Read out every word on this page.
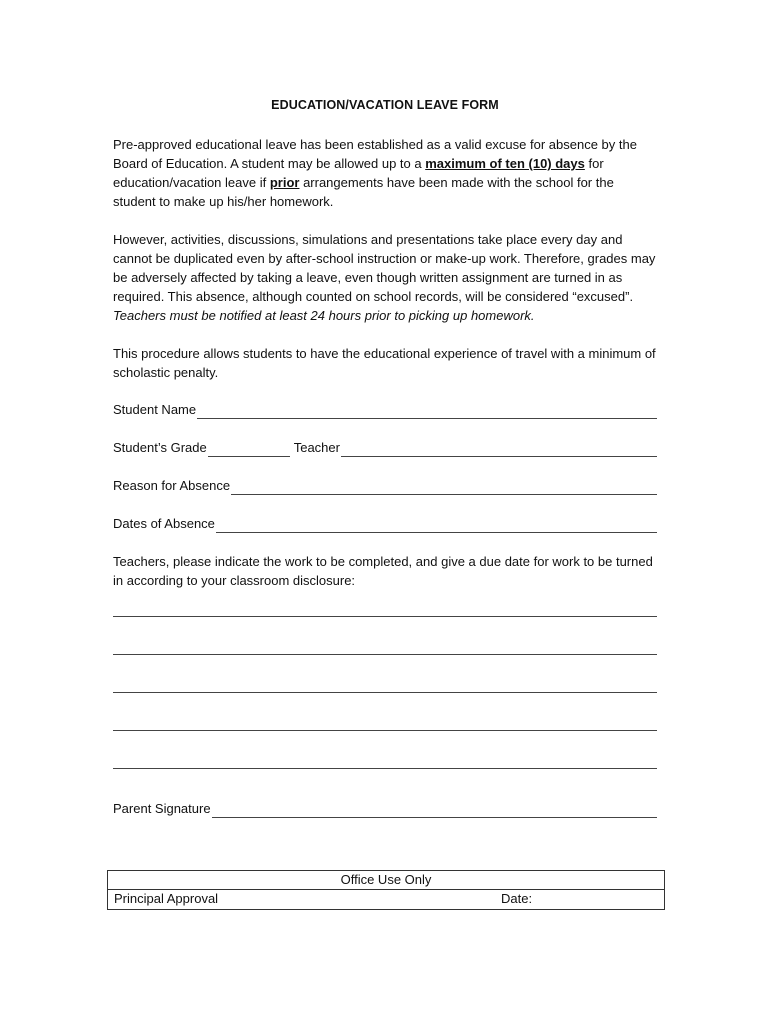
EDUCATION/VACATION LEAVE FORM

Pre-approved educational leave has been established as a valid excuse for absence by the Board of Education. A student may be allowed up to a maximum of ten (10) days for education/vacation leave if prior arrangements have been made with the school for the student to make up his/her homework.

However, activities, discussions, simulations and presentations take place every day and cannot be duplicated even by after-school instruction or make-up work. Therefore, grades may be adversely affected by taking a leave, even though written assignment are turned in as required. This absence, although counted on school records, will be considered “excused”. Teachers must be notified at least 24 hours prior to picking up homework.

This procedure allows students to have the educational experience of travel with a minimum of scholastic penalty.

Student Name
Student’s Grade	Teacher
Reason for Absence
Dates of Absence

Teachers, please indicate the work to be completed, and give a due date for work to be turned in according to your classroom disclosure:

Parent Signature
Office Use Only
Principal Approval	Date:
